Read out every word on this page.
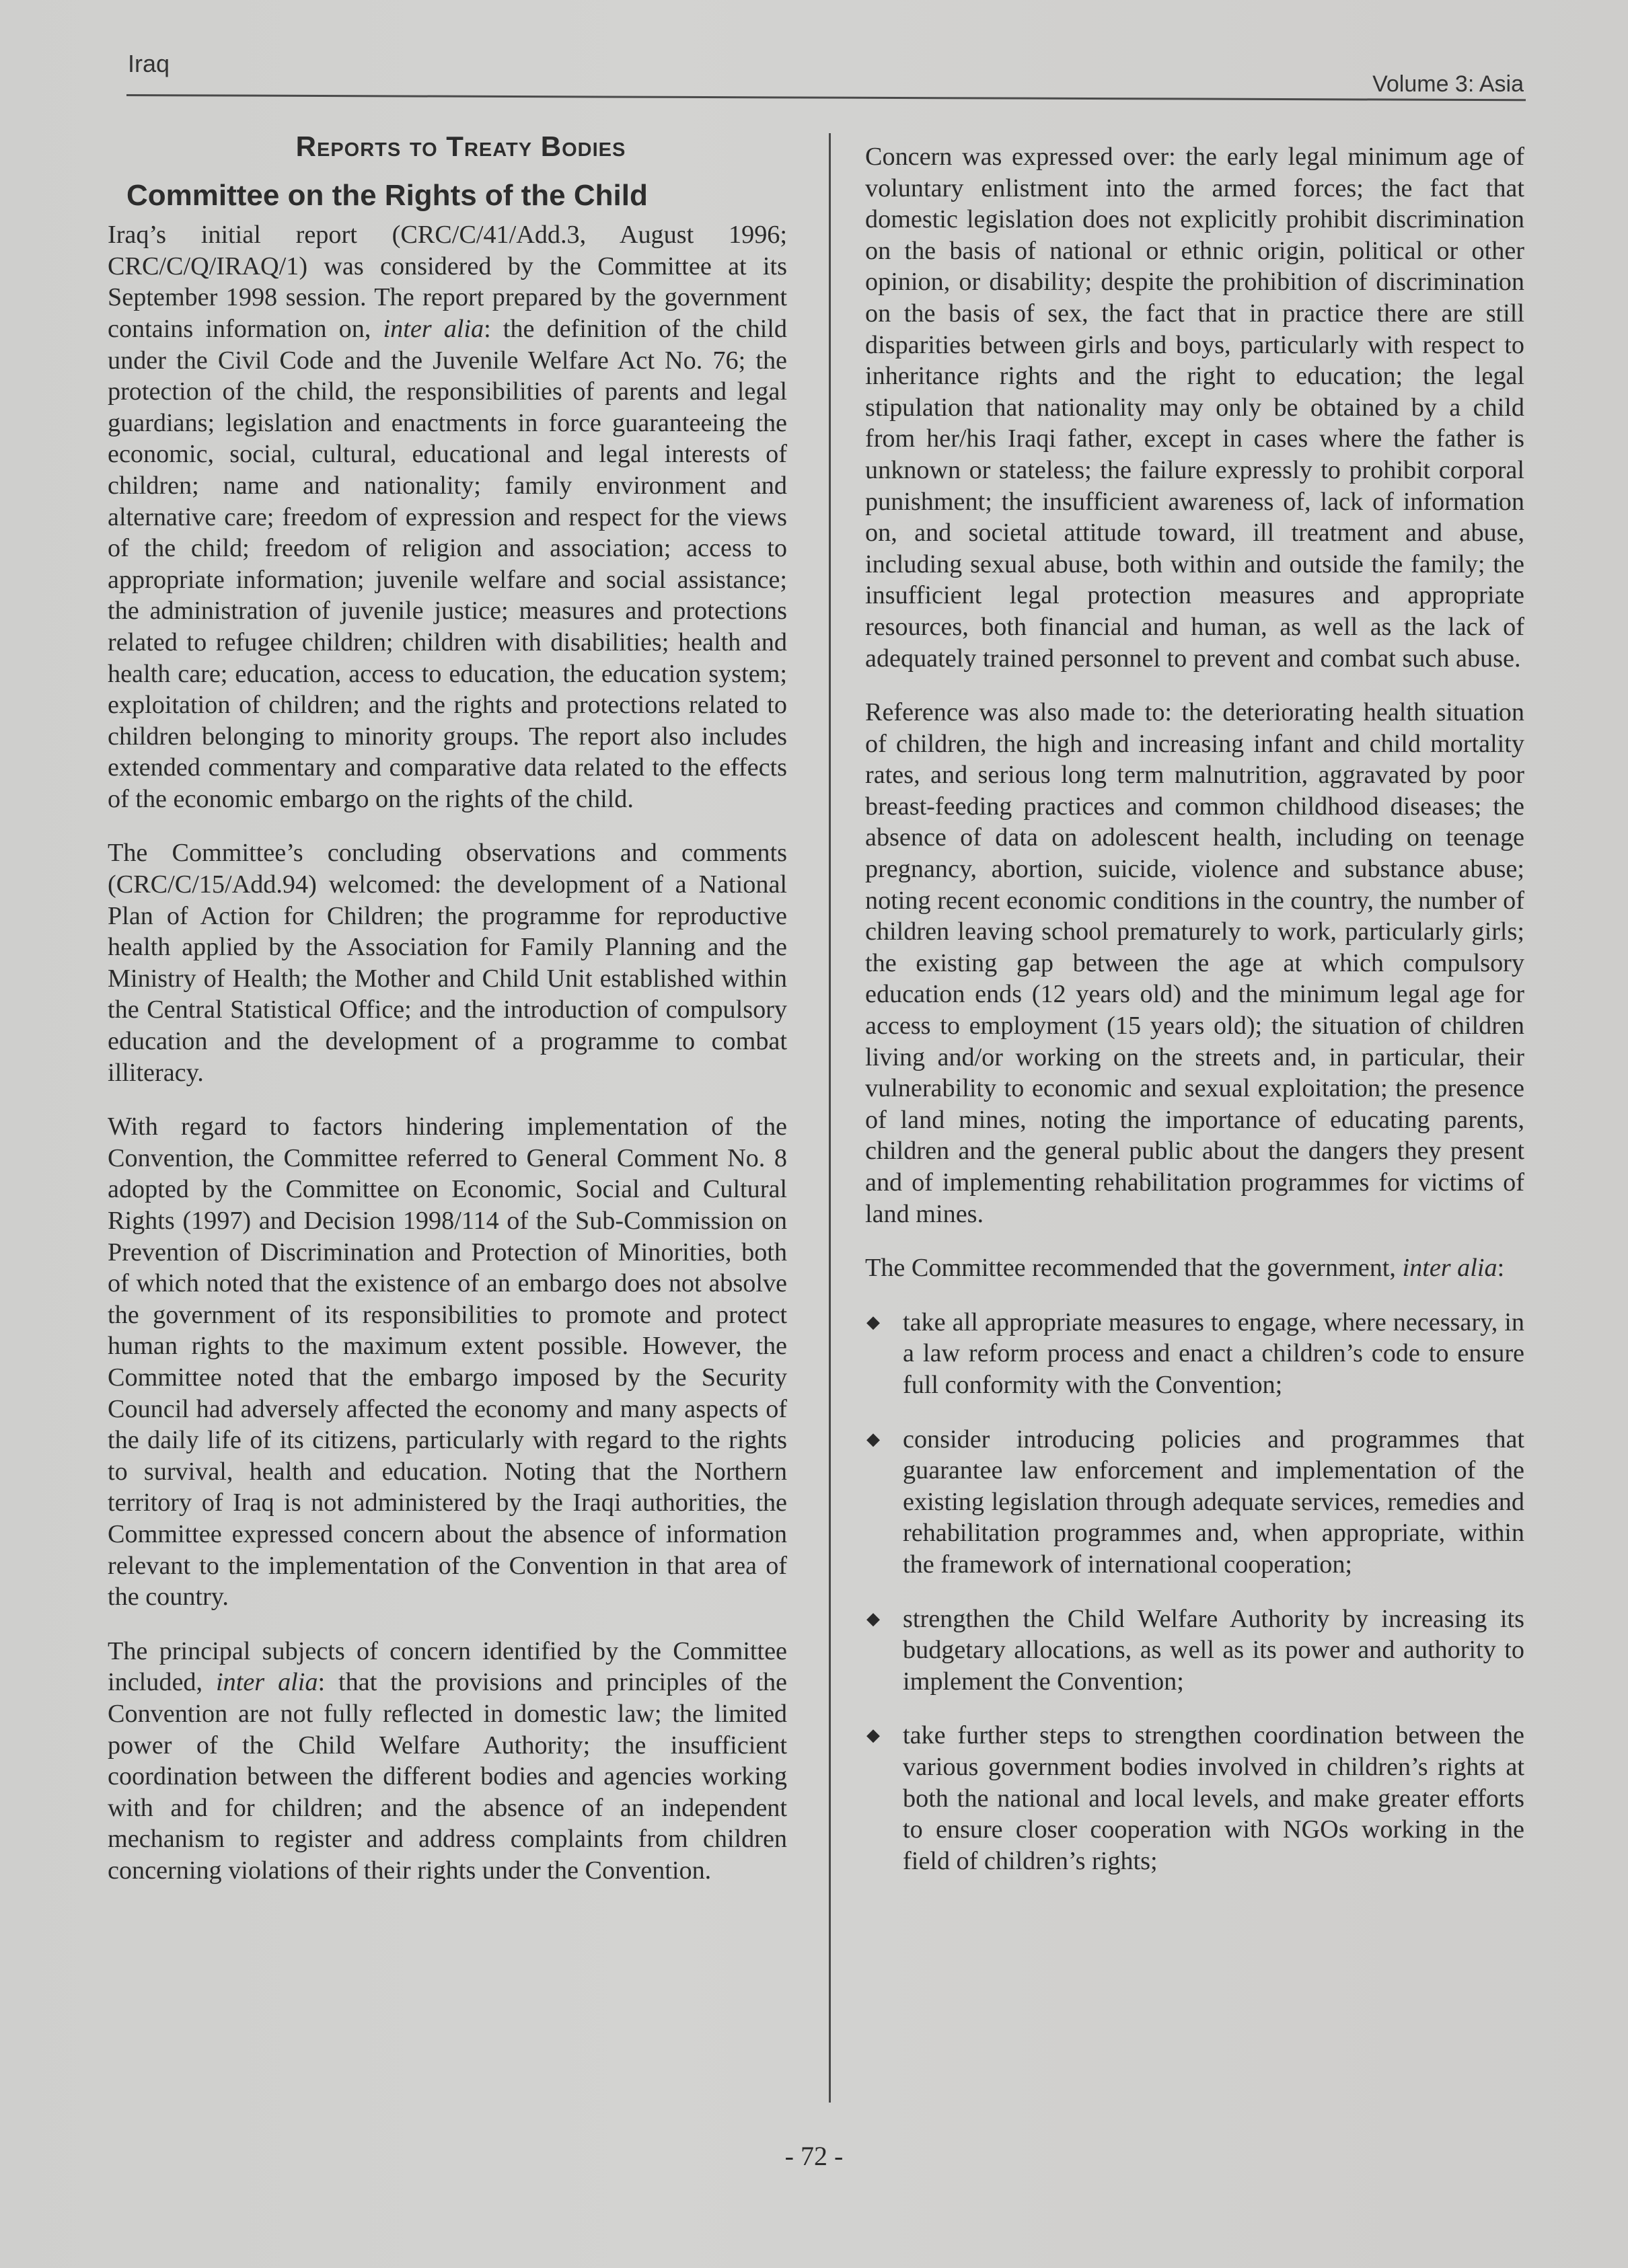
Iraq
Volume 3: Asia
Reports to Treaty Bodies
Committee on the Rights of the Child

Iraq’s initial report (CRC/C/41/Add.3, August 1996; CRC/C/Q/IRAQ/1) was considered by the Committee at its September 1998 session. The report prepared by the government contains information on, inter alia: the definition of the child under the Civil Code and the Juvenile Welfare Act No. 76; the protection of the child, the responsibilities of parents and legal guardians; legislation and enactments in force guaranteeing the economic, social, cultural, educational and legal interests of children; name and nationality; family environment and alternative care; freedom of expression and respect for the views of the child; freedom of religion and association; access to appropriate information; juvenile welfare and social assistance; the administration of juvenile justice; measures and protections related to refugee children; children with disabilities; health and health care; education, access to education, the education system; exploitation of children; and the rights and protections related to children belonging to minority groups. The report also includes extended commentary and comparative data related to the effects of the economic embargo on the rights of the child.

The Committee’s concluding observations and comments (CRC/C/15/Add.94) welcomed: the development of a National Plan of Action for Children; the programme for reproductive health applied by the Association for Family Planning and the Ministry of Health; the Mother and Child Unit established within the Central Statistical Office; and the introduction of compulsory education and the development of a programme to combat illiteracy.

With regard to factors hindering implementation of the Convention, the Committee referred to General Comment No. 8 adopted by the Committee on Economic, Social and Cultural Rights (1997) and Decision 1998/114 of the Sub-Commission on Prevention of Discrimination and Protection of Minorities, both of which noted that the existence of an embargo does not absolve the government of its responsibilities to promote and protect human rights to the maximum extent possible. However, the Committee noted that the embargo imposed by the Security Council had adversely affected the economy and many aspects of the daily life of its citizens, particularly with regard to the rights to survival, health and education. Noting that the Northern territory of Iraq is not administered by the Iraqi authorities, the Committee expressed concern about the absence of information relevant to the implementation of the Convention in that area of the country.

The principal subjects of concern identified by the Committee included, inter alia: that the provisions and principles of the Convention are not fully reflected in domestic law; the limited power of the Child Welfare Authority; the insufficient coordination between the different bodies and agencies working with and for children; and the absence of an independent mechanism to register and address complaints from children concerning violations of their rights under the Convention.

Concern was expressed over: the early legal minimum age of voluntary enlistment into the armed forces; the fact that domestic legislation does not explicitly prohibit discrimination on the basis of national or ethnic origin, political or other opinion, or disability; despite the prohibition of discrimination on the basis of sex, the fact that in practice there are still disparities between girls and boys, particularly with respect to inheritance rights and the right to education; the legal stipulation that nationality may only be obtained by a child from her/his Iraqi father, except in cases where the father is unknown or stateless; the failure expressly to prohibit corporal punishment; the insufficient awareness of, lack of information on, and societal attitude toward, ill treatment and abuse, including sexual abuse, both within and outside the family; the insufficient legal protection measures and appropriate resources, both financial and human, as well as the lack of adequately trained personnel to prevent and combat such abuse.

Reference was also made to: the deteriorating health situation of children, the high and increasing infant and child mortality rates, and serious long term malnutrition, aggravated by poor breast-feeding practices and common childhood diseases; the absence of data on adolescent health, including on teenage pregnancy, abortion, suicide, violence and substance abuse; noting recent economic conditions in the country, the number of children leaving school prematurely to work, particularly girls; the existing gap between the age at which compulsory education ends (12 years old) and the minimum legal age for access to employment (15 years old); the situation of children living and/or working on the streets and, in particular, their vulnerability to economic and sexual exploitation; the presence of land mines, noting the importance of educating parents, children and the general public about the dangers they present and of implementing rehabilitation programmes for victims of land mines.

The Committee recommended that the government, inter alia:

◆ take all appropriate measures to engage, where necessary, in a law reform process and enact a children’s code to ensure full conformity with the Convention;
◆ consider introducing policies and programmes that guarantee law enforcement and implementation of the existing legislation through adequate services, remedies and rehabilitation programmes and, when appropriate, within the framework of international cooperation;
◆ strengthen the Child Welfare Authority by increasing its budgetary allocations, as well as its power and authority to implement the Convention;
◆ take further steps to strengthen coordination between the various government bodies involved in children’s rights at both the national and local levels, and make greater efforts to ensure closer cooperation with NGOs working in the field of children’s rights;
- 72 -
